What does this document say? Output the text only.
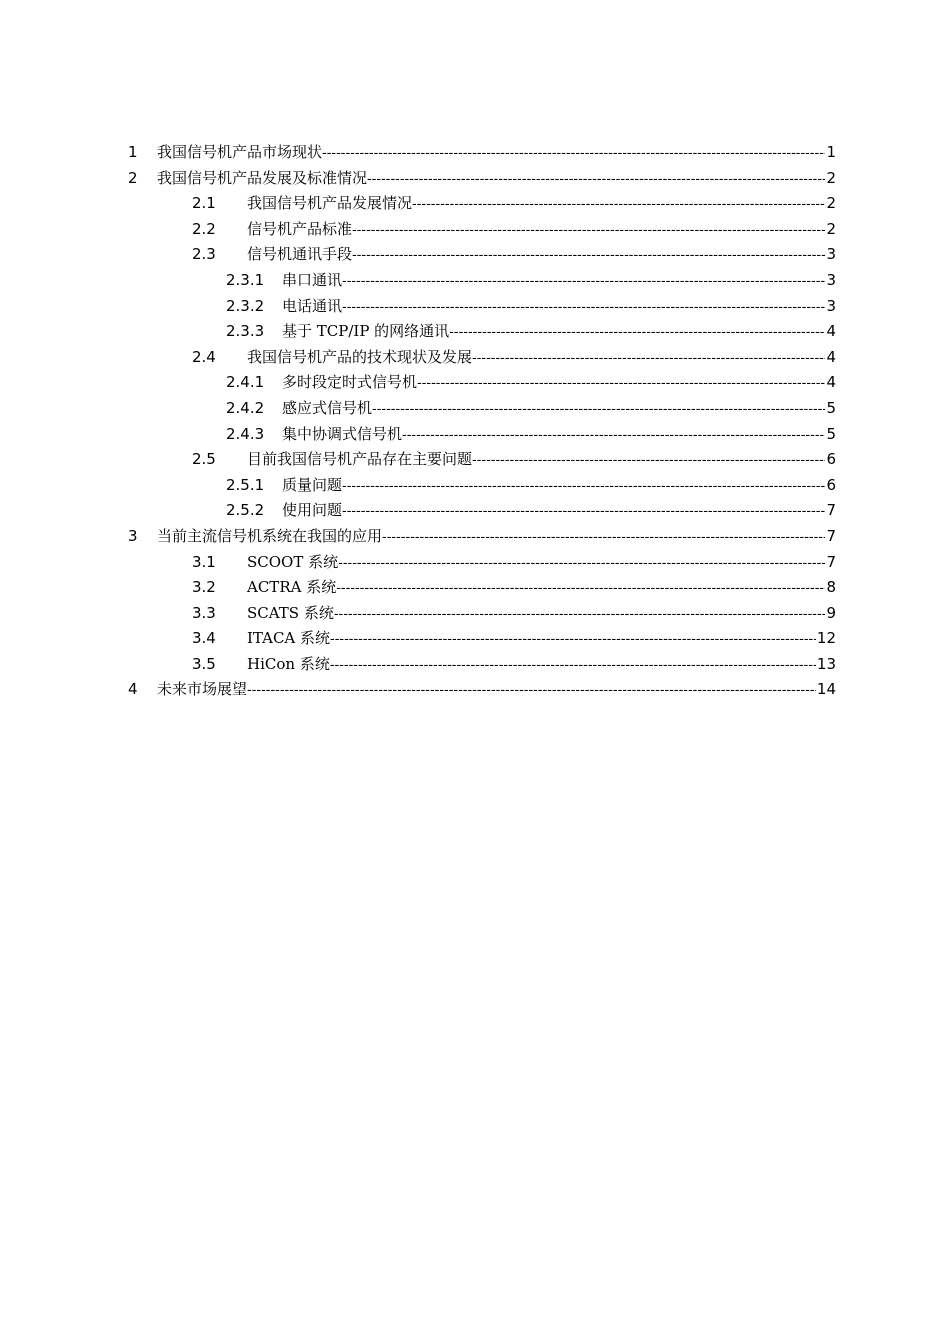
1	我国信号机产品市场现状 -----	1
2	我国信号机产品发展及标准情况 -----	2
2.1	我国信号机产品发展情况 -----	2
2.2	信号机产品标准 -----	2
2.3	信号机通讯手段 -----	3
2.3.1	串口通讯 -----	3
2.3.2	电话通讯 -----	3
2.3.3	基于 TCP/IP 的网络通讯 -----	4
2.4	我国信号机产品的技术现状及发展 -----	4
2.4.1	多时段定时式信号机 -----	4
2.4.2	感应式信号机 -----	5
2.4.3	集中协调式信号机 -----	5
2.5	目前我国信号机产品存在主要问题 -----	6
2.5.1	质量问题 -----	6
2.5.2	使用问题 -----	7
3	当前主流信号机系统在我国的应用 -----	7
3.1	SCOOT 系统 -----	7
3.2	ACTRA 系统 -----	8
3.3	SCATS 系统 -----	9
3.4	ITACA 系统 -----	12
3.5	HiCon 系统 -----	13
4	未来市场展望 -----	14
